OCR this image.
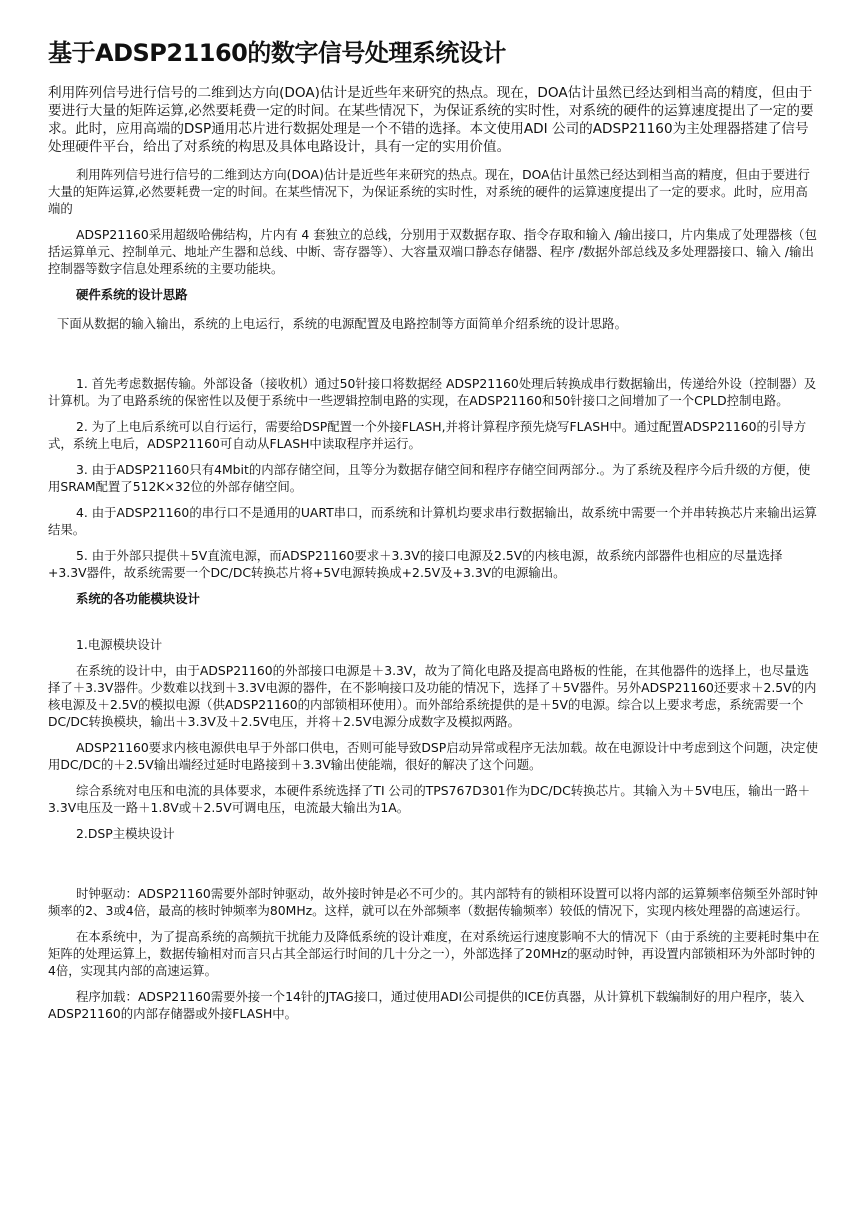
基于ADSP21160的数字信号处理系统设计

利用阵列信号进行信号的二维到达方向(DOA)估计是近些年来研究的热点。现在，DOA估计虽然已经达到相当高的精度，但由于要进行大量的矩阵运算,必然要耗费一定的时间。在某些情况下，为保证系统的实时性，对系统的硬件的运算速度提出了一定的要求。此时，应用高端的DSP通用芯片进行数据处理是一个不错的选择。本文使用ADI 公司的ADSP21160为主处理器搭建了信号处理硬件平台，给出了对系统的构思及具体电路设计，具有一定的实用价值。

利用阵列信号进行信号的二维到达方向(DOA)估计是近些年来研究的热点。现在，DOA估计虽然已经达到相当高的精度，但由于要进行大量的矩阵运算,必然要耗费一定的时间。在某些情况下，为保证系统的实时性，对系统的硬件的运算速度提出了一定的要求。此时，应用高端的

ADSP21160采用超级哈佛结构，片内有 4 套独立的总线，分别用于双数据存取、指令存取和输入 /输出接口，片内集成了处理器核（包括运算单元、控制单元、地址产生器和总线、中断、寄存器等）、大容量双端口静态存储器、程序 /数据外部总线及多处理器接口、输入 /输出控制器等数字信息处理系统的主要功能块。

硬件系统的设计思路

下面从数据的输入输出，系统的上电运行，系统的电源配置及电路控制等方面简单介绍系统的设计思路。

1. 首先考虑数据传输。外部设备（接收机）通过50针接口将数据经 ADSP21160处理后转换成串行数据输出，传递给外设（控制器）及计算机。为了电路系统的保密性以及便于系统中一些逻辑控制电路的实现，在ADSP21160和50针接口之间增加了一个CPLD控制电路。

2. 为了上电后系统可以自行运行，需要给DSP配置一个外接FLASH,并将计算程序预先烧写FLASH中。通过配置ADSP21160的引导方式，系统上电后，ADSP21160可自动从FLASH中读取程序并运行。

3. 由于ADSP21160只有4Mbit的内部存储空间，且等分为数据存储空间和程序存储空间两部分.。为了系统及程序今后升级的方便，使用SRAM配置了512K×32位的外部存储空间。

4. 由于ADSP21160的串行口不是通用的UART串口，而系统和计算机均要求串行数据输出，故系统中需要一个并串转换芯片来输出运算结果。

5. 由于外部只提供＋5V直流电源，而ADSP21160要求＋3.3V的接口电源及2.5V的内核电源，故系统内部器件也相应的尽量选择+3.3V器件，故系统需要一个DC/DC转换芯片将+5V电源转换成+2.5V及+3.3V的电源输出。

系统的各功能模块设计

1.电源模块设计

在系统的设计中，由于ADSP21160的外部接口电源是＋3.3V，故为了简化电路及提高电路板的性能，在其他器件的选择上，也尽量选择了＋3.3V器件。少数难以找到＋3.3V电源的器件，在不影响接口及功能的情况下，选择了＋5V器件。另外ADSP21160还要求＋2.5V的内核电源及＋2.5V的模拟电源（供ADSP21160的内部锁相环使用）。而外部给系统提供的是＋5V的电源。综合以上要求考虑，系统需要一个DC/DC转换模块，输出＋3.3V及＋2.5V电压，并将＋2.5V电源分成数字及模拟两路。

ADSP21160要求内核电源供电早于外部口供电，否则可能导致DSP启动异常或程序无法加载。故在电源设计中考虑到这个问题，决定使用DC/DC的＋2.5V输出端经过延时电路接到＋3.3V输出使能端，很好的解决了这个问题。

综合系统对电压和电流的具体要求，本硬件系统选择了TI 公司的TPS767D301作为DC/DC转换芯片。其输入为＋5V电压，输出一路＋3.3V电压及一路＋1.8V或＋2.5V可调电压，电流最大输出为1A。

2.DSP主模块设计

时钟驱动：ADSP21160需要外部时钟驱动，故外接时钟是必不可少的。其内部特有的锁相环设置可以将内部的运算频率倍频至外部时钟频率的2、3或4倍，最高的核时钟频率为80MHz。这样，就可以在外部频率（数据传输频率）较低的情况下，实现内核处理器的高速运行。

在本系统中，为了提高系统的高频抗干扰能力及降低系统的设计难度，在对系统运行速度影响不大的情况下（由于系统的主要耗时集中在矩阵的处理运算上，数据传输相对而言只占其全部运行时间的几十分之一），外部选择了20MHz的驱动时钟，再设置内部锁相环为外部时钟的4倍，实现其内部的高速运算。

程序加载：ADSP21160需要外接一个14针的JTAG接口，通过使用ADI公司提供的ICE仿真器，从计算机下载编制好的用户程序，装入ADSP21160的内部存储器或外接FLASH中。
